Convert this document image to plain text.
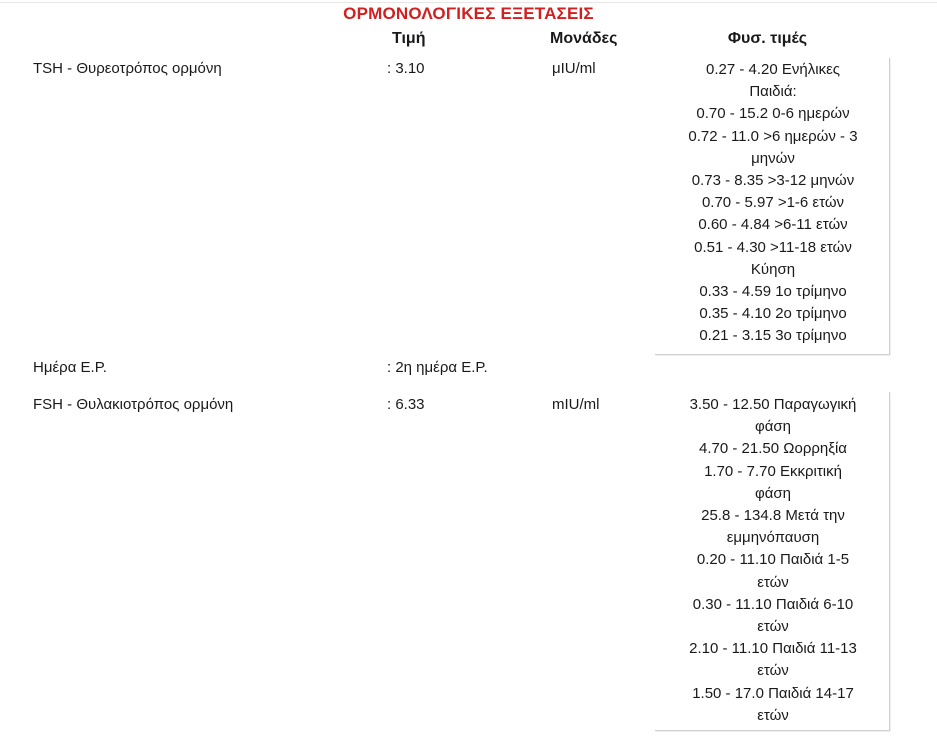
ΟΡΜΟΝΟΛΟΓΙΚΕΣ ΕΞΕΤΑΣΕΙΣ
Τιμή	Μονάδες	Φυσ. τιμές
TSH - Θυρεοτρόπος ορμόνη	: 3.10	μIU/ml	0.27 - 4.20 Ενήλικες
Παιδιά:
0.70 - 15.2 0-6 ημερών
0.72 - 11.0 >6 ημερών - 3
μηνών
0.73 - 8.35 >3-12 μηνών
0.70 - 5.97 >1-6 ετών
0.60 - 4.84 >6-11 ετών
0.51 - 4.30 >11-18 ετών
Κύηση
0.33 - 4.59 1ο τρίμηνο
0.35 - 4.10 2ο τρίμηνο
0.21 - 3.15 3ο τρίμηνο
Ημέρα Ε.Ρ.	: 2η ημέρα Ε.Ρ.
FSH - Θυλακιοτρόπος ορμόνη	: 6.33	mIU/ml	3.50 - 12.50 Παραγωγική
φάση
4.70 - 21.50 Ωορρηξία
1.70 - 7.70 Εκκριτική
φάση
25.8 - 134.8 Μετά την
εμμηνόπαυση
0.20 - 11.10 Παιδιά 1-5
ετών
0.30 - 11.10 Παιδιά 6-10
ετών
2.10 - 11.10 Παιδιά 11-13
ετών
1.50 - 17.0 Παιδιά 14-17
ετών
